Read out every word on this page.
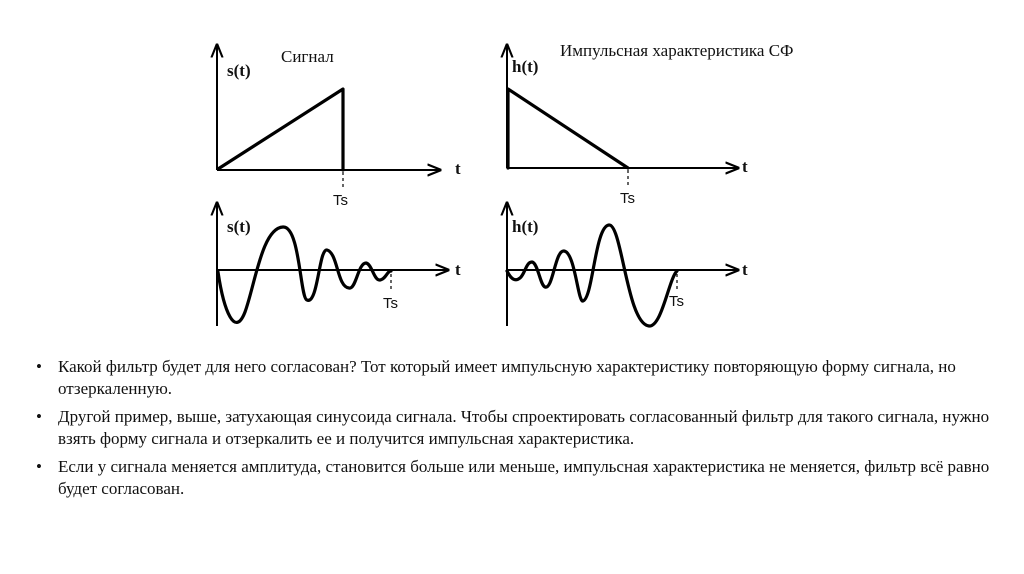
s(t)
Сигнал
t
Ts
h(t)
Импульсная характеристика СФ
t
Ts
s(t)
t
Ts
h(t)
t
Ts
• Какой фильтр будет для него согласован? Тот который имеет импульсную характеристику повторяющую форму сигнала, но отзеркаленную.
• Другой пример, выше, затухающая синусоида сигнала. Чтобы спроектировать согласованный фильтр для такого сигнала, нужно взять форму сигнала и отзеркалить ее и получится импульсная характеристика.
• Если у сигнала меняется амплитуда, становится больше или меньше, импульсная характеристика не меняется, фильтр всё равно будет согласован.
